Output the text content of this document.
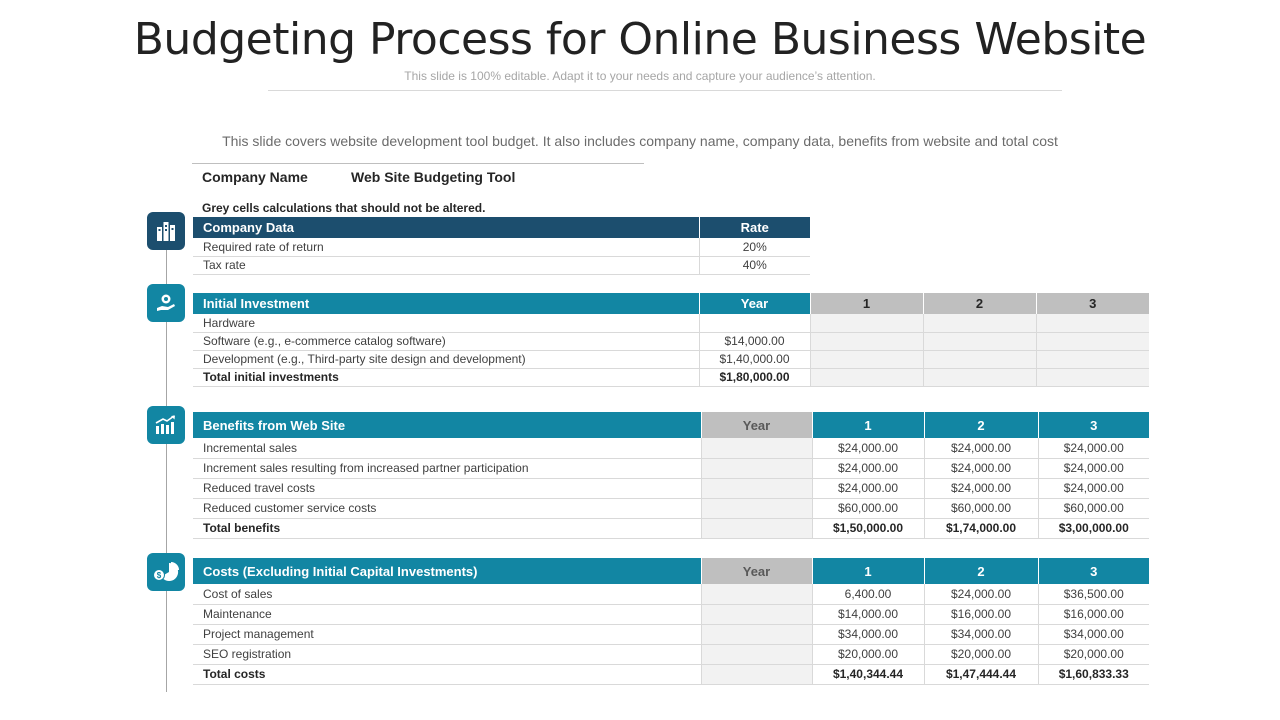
Budgeting Process for Online Business Website
This slide is 100% editable. Adapt it to your needs and capture your audience’s attention.
This slide covers website development tool budget. It also includes company name, company data, benefits from website and total cost
Company Name	Web Site Budgeting Tool
Grey cells calculations that should not be altered.
$
Company Data	Rate
Required rate of return	20%
Tax rate	40%
Initial Investment	Year	1	2	3
Hardware				
Software (e.g., e-commerce catalog software)	$14,000.00			
Development (e.g., Third-party site design and development)	$1,40,000.00			
Total initial investments	$1,80,000.00			
Benefits from Web Site	Year	1	2	3
Incremental sales		$24,000.00	$24,000.00	$24,000.00
Increment sales resulting from increased partner participation		$24,000.00	$24,000.00	$24,000.00
Reduced travel costs		$24,000.00	$24,000.00	$24,000.00
Reduced customer service costs		$60,000.00	$60,000.00	$60,000.00
Total benefits		$1,50,000.00	$1,74,000.00	$3,00,000.00
Costs (Excluding Initial Capital Investments)	Year	1	2	3
Cost of sales		6,400.00	$24,000.00	$36,500.00
Maintenance		$14,000.00	$16,000.00	$16,000.00
Project management		$34,000.00	$34,000.00	$34,000.00
SEO registration		$20,000.00	$20,000.00	$20,000.00
Total costs		$1,40,344.44	$1,47,444.44	$1,60,833.33
